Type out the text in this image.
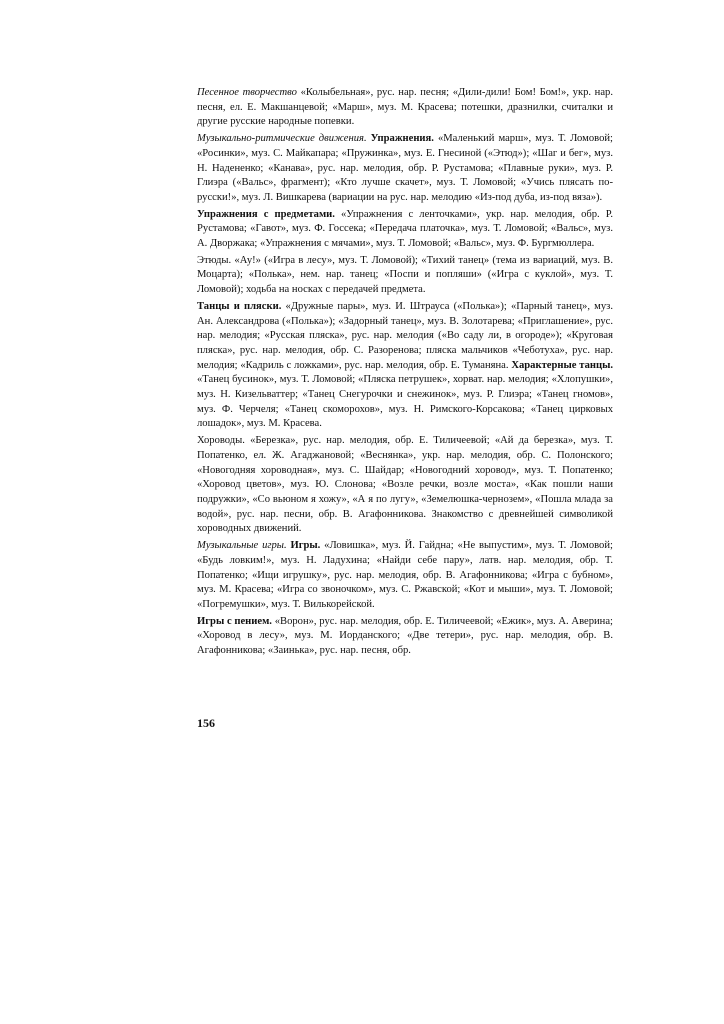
Песенное творчество «Колыбельная», рус. нар. песня; «Дили-дили! Бом! Бом!», укр. нар. песня, ел. Е. Макшанцевой; «Марш», муз. М. Красева; потешки, дразнилки, считалки и другие русские народные попевки.

Музыкально-ритмические движения. Упражнения. «Маленький марш», муз. Т. Ломовой; «Росинки», муз. С. Майкапара; «Пружинка», муз. Е. Гнесиной («Этюд»); «Шаг и бег», муз. Н. Надененко; «Канава», рус. нар. мелодия, обр. Р. Рустамова; «Плавные руки», муз. Р. Глиэра («Вальс», фрагмент); «Кто лучше скачет», муз. Т. Ломовой; «Учись плясать по-русски!», муз. Л. Вишкарева (вариации на рус. нар. мелодию «Из-под дуба, из-под вяза»).

Упражнения с предметами. «Упражнения с ленточками», укр. нар. мелодия, обр. Р. Рустамова; «Гавот», муз. Ф. Госсека; «Передача платочка», муз. Т. Ломовой; «Вальс», муз. А. Дворжака; «Упражнения с мячами», муз. Т. Ломовой; «Вальс», муз. Ф. Бургмюллера.

Этюды. «Ау!» («Игра в лесу», муз. Т. Ломовой); «Тихий танец» (тема из вариаций, муз. В. Моцарта); «Полька», нем. нар. танец; «Поспи и попляши» («Игра с куклой», муз. Т. Ломовой); ходьба на носках с передачей предмета.

Танцы и пляски. «Дружные пары», муз. И. Штрауса («Полька»); «Парный танец», муз. Ан. Александрова («Полька»); «Задорный танец», муз. В. Золотарева; «Приглашение», рус. нар. мелодия; «Русская пляска», рус. нар. мелодия («Во саду ли, в огороде»); «Круговая пляска», рус. нар. мелодия, обр. С. Разоренова; пляска мальчиков «Чеботуха», рус. нар. мелодия; «Кадриль с ложками», рус. нар. мелодия, обр. Е. Туманяна. Характерные танцы. «Танец бусинок», муз. Т. Ломовой; «Пляска петрушек», хорват. нар. мелодия; «Хлопушки», муз. Н. Кизельваттер; «Танец Снегурочки и снежинок», муз. Р. Глиэра; «Танец гномов», муз. Ф. Черчеля; «Танец скоморохов», муз. Н. Римского-Корсакова; «Танец цирковых лошадок», муз. М. Красева.

Хороводы. «Березка», рус. нар. мелодия, обр. Е. Тиличеевой; «Ай да березка», муз. Т. Попатенко, ел. Ж. Агаджановой; «Веснянка», укр. нар. мелодия, обр. С. Полонского; «Новогодняя хороводная», муз. С. Шайдар; «Новогодний хоровод», муз. Т. Попатенко; «Хоровод цветов», муз. Ю. Слонова; «Возле речки, возле моста», «Как пошли наши подружки», «Со вьюном я хожу», «А я по лугу», «Земелюшка-чернозем», «Пошла млада за водой», рус. нар. песни, обр. В. Агафонникова. Знакомство с древнейшей символикой хороводных движений.

Музыкальные игры. Игры. «Ловишка», муз. Й. Гайдна; «Не выпустим», муз. Т. Ломовой; «Будь ловким!», муз. Н. Ладухина; «Найди себе пару», латв. нар. мелодия, обр. Т. Попатенко; «Ищи игрушку», рус. нар. мелодия, обр. В. Агафонникова; «Игра с бубном», муз. М. Красева; «Игра со звоночком», муз. С. Ржавской; «Кот и мыши», муз. Т. Ломовой; «Погремушки», муз. Т. Вилькорейской.

Игры с пением. «Ворон», рус. нар. мелодия, обр. Е. Тиличеевой; «Ежик», муз. А. Аверина; «Хоровод в лесу», муз. М. Иорданского; «Две тетери», рус. нар. мелодия, обр. В. Агафонникова; «Заинька», рус. нар. песня, обр.

156
